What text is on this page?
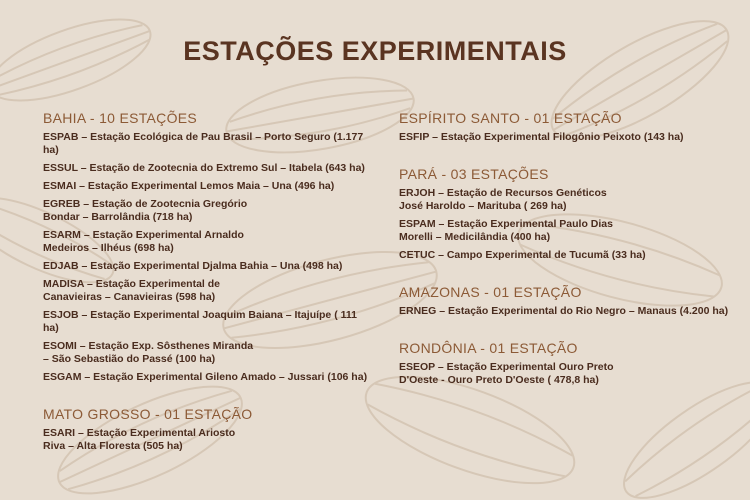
ESTAÇÕES EXPERIMENTAIS
BAHIA - 10 ESTAÇÕES
ESPAB – Estação Ecológica de Pau Brasil – Porto Seguro (1.177 ha)
ESSUL – Estação de Zootecnia do Extremo Sul – Itabela (643 ha)
ESMAI – Estação Experimental Lemos Maia – Una (496 ha)
EGREB – Estação de Zootecnia Gregório
Bondar – Barrolândia (718 ha)
ESARM – Estação Experimental Arnaldo
Medeiros – Ilhéus (698 ha)
EDJAB – Estação Experimental Djalma Bahia – Una (498 ha)
MADISA – Estação Experimental de
Canavieiras – Canavieiras (598 ha)
ESJOB – Estação Experimental Joaquim Baiana – Itajuípe ( 111 ha)
ESOMI – Estação Exp. Sôsthenes Miranda
– São Sebastião do Passé (100 ha)
ESGAM – Estação Experimental Gileno Amado – Jussari (106 ha)
MATO GROSSO - 01 ESTAÇÃO
ESARI – Estação Experimental Ariosto
Riva – Alta Floresta (505 ha)
ESPÍRITO SANTO - 01 ESTAÇÃO
ESFIP – Estação Experimental Filogônio Peixoto (143 ha)
PARÁ - 03 ESTAÇÕES
ERJOH – Estação de Recursos Genéticos
José Haroldo – Marituba ( 269 ha)
ESPAM – Estação Experimental Paulo Dias
Morelli – Medicilândia (400 ha)
CETUC – Campo Experimental de Tucumã (33 ha)
AMAZONAS - 01 ESTAÇÃO
ERNEG – Estação Experimental do Rio Negro – Manaus (4.200 ha)
RONDÔNIA - 01 ESTAÇÃO
ESEOP – Estação Experimental Ouro Preto
D'Oeste - Ouro Preto D'Oeste ( 478,8 ha)
